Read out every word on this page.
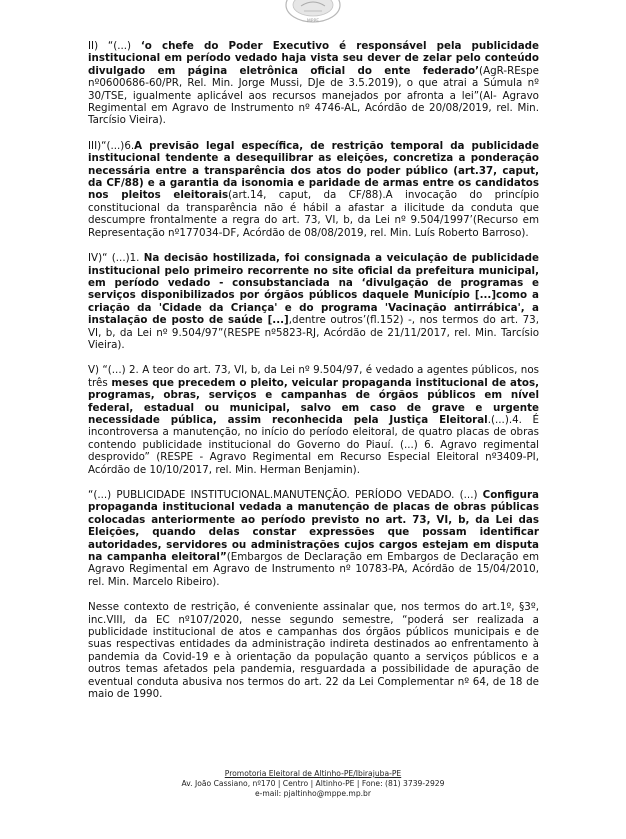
MPPE

II) “(...) ‘o chefe do Poder Executivo é responsável pela publicidade institucional em período vedado haja vista seu dever de zelar pelo conteúdo divulgado em página eletrônica oficial do ente federado’(AgR-REspe nº0600686-60/PR, Rel. Min. Jorge Mussi, DJe de 3.5.2019), o que atrai a Súmula nº 30/TSE, igualmente aplicável aos recursos manejados por afronta a lei”(Al- Agravo Regimental em Agravo de Instrumento nº 4746-AL, Acórdão de 20/08/2019, rel. Min. Tarcísio Vieira).

III)“(...)6.A previsão legal específica, de restrição temporal da publicidade institucional tendente a desequilibrar as eleições, concretiza a ponderação necessária entre a transparência dos atos do poder público (art.37, caput, da CF/88) e a garantia da isonomia e paridade de armas entre os candidatos nos pleitos eleitorais(art.14, caput, da CF/88).A invocação do princípio constitucional da transparência não é hábil a afastar a ilicitude da conduta que descumpre frontalmente a regra do art. 73, VI, b, da Lei nº 9.504/1997’(Recurso em Representação nº177034-DF, Acórdão de 08/08/2019, rel. Min. Luís Roberto Barroso).

IV)“ (...)1. Na decisão hostilizada, foi consignada a veiculação de publicidade institucional pelo primeiro recorrente no site oficial da prefeitura municipal, em período vedado - consubstanciada na ‘divulgação de programas e serviços disponibilizados por órgãos públicos daquele Município [...]como a criação da 'Cidade da Criança' e do programa 'Vacinação antirrábica', a instalação de posto de saúde [...],dentre outros’(fl.152) -, nos termos do art. 73, VI, b, da Lei nº 9.504/97”(RESPE nº5823-RJ, Acórdão de 21/11/2017, rel. Min. Tarcísio Vieira).

V) “(...) 2. A teor do art. 73, VI, b, da Lei nº 9.504/97, é vedado a agentes públicos, nos três meses que precedem o pleito, veicular propaganda institucional de atos, programas, obras, serviços e campanhas de órgãos públicos em nível federal, estadual ou municipal, salvo em caso de grave e urgente necessidade pública, assim reconhecida pela Justiça Eleitoral.(...).4. É incontroversa a manutenção, no início do período eleitoral, de quatro placas de obras contendo publicidade institucional do Governo do Piauí. (...) 6. Agravo regimental desprovido” (RESPE - Agravo Regimental em Recurso Especial Eleitoral nº3409-PI, Acórdão de 10/10/2017, rel. Min. Herman Benjamin).

“(...) PUBLICIDADE INSTITUCIONAL.MANUTENÇÃO. PERÍODO VEDADO. (...) Configura propaganda institucional vedada a manutenção de placas de obras públicas colocadas anteriormente ao período previsto no art. 73, VI, b, da Lei das Eleições, quando delas constar expressões que possam identificar autoridades, servidores ou administrações cujos cargos estejam em disputa na campanha eleitoral”(Embargos de Declaração em Embargos de Declaração em Agravo Regimental em Agravo de Instrumento nº 10783-PA, Acórdão de 15/04/2010, rel. Min. Marcelo Ribeiro).

Nesse contexto de restrição, é conveniente assinalar que, nos termos do art.1º, §3º, inc.VIII, da EC nº107/2020, nesse segundo semestre, “poderá ser realizada a publicidade institucional de atos e campanhas dos órgãos públicos municipais e de suas respectivas entidades da administração indireta destinados ao enfrentamento à pandemia da Covid-19 e à orientação da população quanto a serviços públicos e a outros temas afetados pela pandemia, resguardada a possibilidade de apuração de eventual conduta abusiva nos termos do art. 22 da Lei Complementar nº 64, de 18 de maio de 1990.

Promotoria Eleitoral de Altinho-PE/Ibirajuba-PE
Av. João Cassiano, nº170 | Centro | Altinho-PE | Fone: (81) 3739-2929
e-mail: pjaltinho@mppe.mp.br
